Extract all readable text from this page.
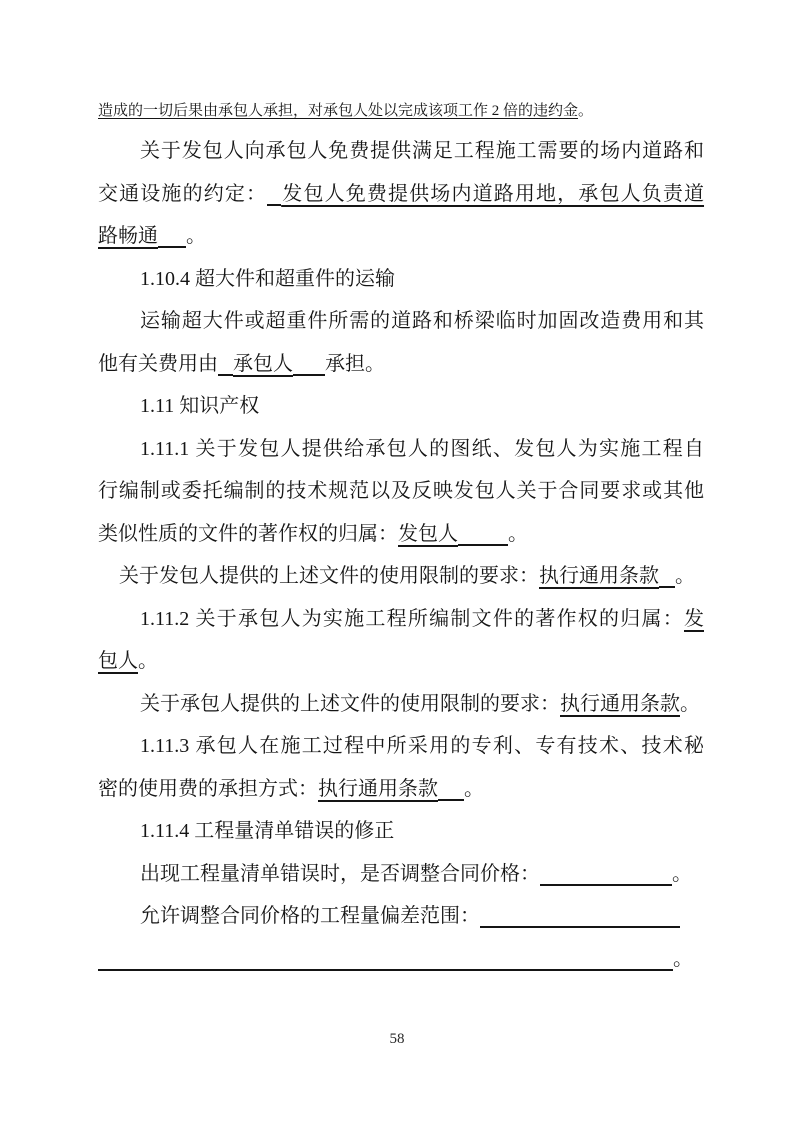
造成的一切后果由承包人承担，对承包人处以完成该项工作 2 倍的违约金。
关于发包人向承包人免费提供满足工程施工需要的场内道路和
交通设施的约定： 发包人免费提供场内道路用地，承包人负责道
路畅通 。
1.10.4 超大件和超重件的运输
运输超大件或超重件所需的道路和桥梁临时加固改造费用和其
他有关费用由 承包人 承担。
1.11 知识产权
1.11.1 关于发包人提供给承包人的图纸、发包人为实施工程自
行编制或委托编制的技术规范以及反映发包人关于合同要求或其他
类似性质的文件的著作权的归属：发包人	。
关于发包人提供的上述文件的使用限制的要求：执行通用条款 。
1.11.2 关于承包人为实施工程所编制文件的著作权的归属：发
包人。
关于承包人提供的上述文件的使用限制的要求：执行通用条款。
1.11.3 承包人在施工过程中所采用的专利、专有技术、技术秘
密的使用费的承担方式：执行通用条款 。
1.11.4 工程量清单错误的修正
出现工程量清单错误时，是否调整合同价格：	。
允许调整合同价格的工程量偏差范围：
。
58
